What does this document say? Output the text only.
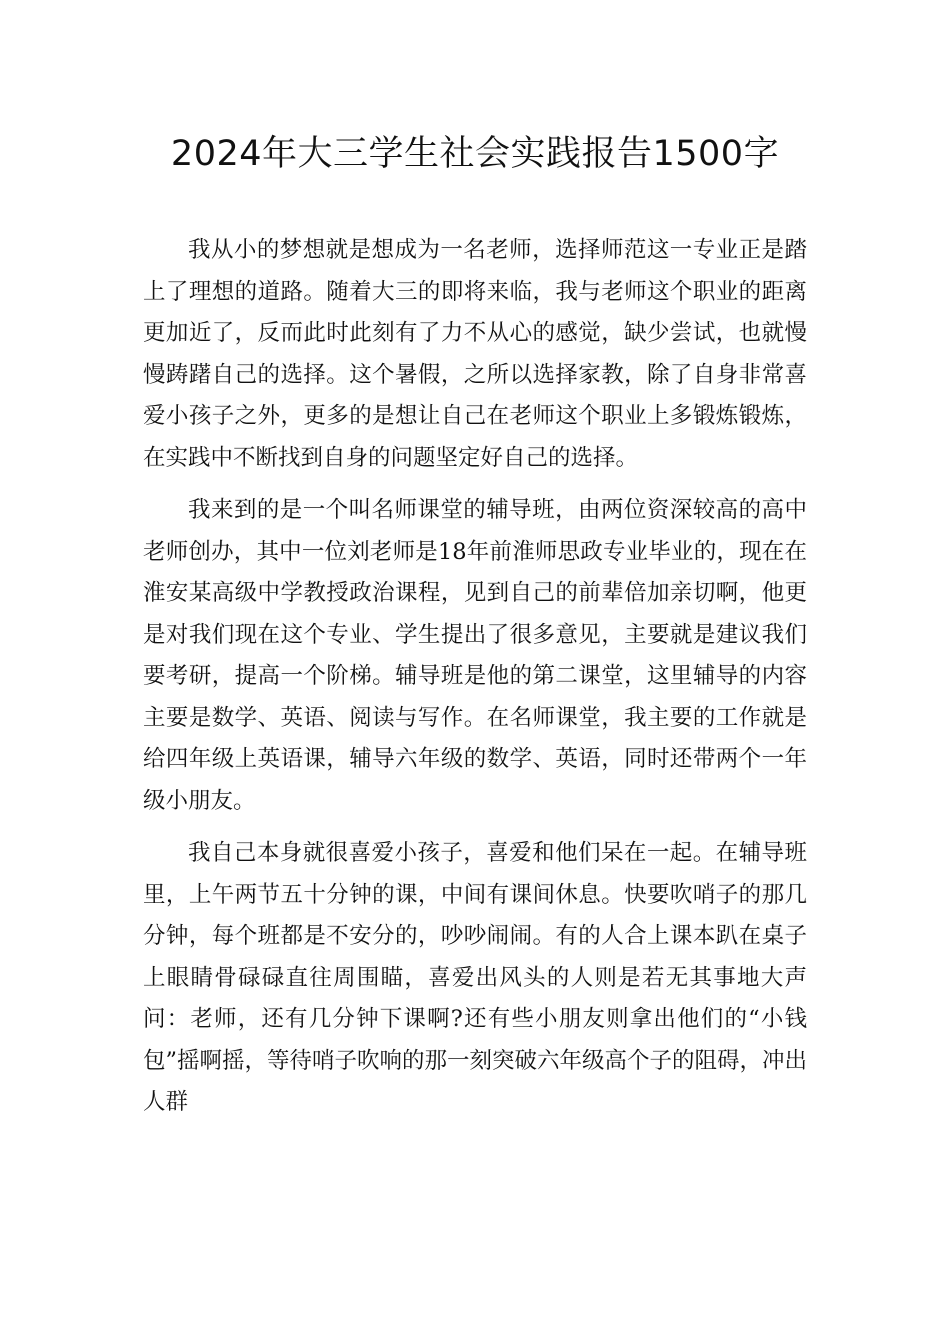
2024年大三学生社会实践报告1500字

我从小的梦想就是想成为一名老师，选择师范这一专业正是踏上了理想的道路。随着大三的即将来临，我与老师这个职业的距离更加近了，反而此时此刻有了力不从心的感觉，缺少尝试，也就慢慢踌躇自己的选择。这个暑假，之所以选择家教，除了自身非常喜爱小孩子之外，更多的是想让自己在老师这个职业上多锻炼锻炼，在实践中不断找到自身的问题坚定好自己的选择。

我来到的是一个叫名师课堂的辅导班，由两位资深较高的高中老师创办，其中一位刘老师是18年前淮师思政专业毕业的，现在在淮安某高级中学教授政治课程，见到自己的前辈倍加亲切啊，他更是对我们现在这个专业、学生提出了很多意见，主要就是建议我们要考研，提高一个阶梯。辅导班是他的第二课堂，这里辅导的内容主要是数学、英语、阅读与写作。在名师课堂，我主要的工作就是给四年级上英语课，辅导六年级的数学、英语，同时还带两个一年级小朋友。

我自己本身就很喜爱小孩子，喜爱和他们呆在一起。在辅导班里，上午两节五十分钟的课，中间有课间休息。快要吹哨子的那几分钟，每个班都是不安分的，吵吵闹闹。有的人合上课本趴在桌子上眼睛骨碌碌直往周围瞄，喜爱出风头的人则是若无其事地大声问：老师，还有几分钟下课啊?还有些小朋友则拿出他们的“小钱包”摇啊摇，等待哨子吹响的那一刻突破六年级高个子的阻碍，冲出人群
